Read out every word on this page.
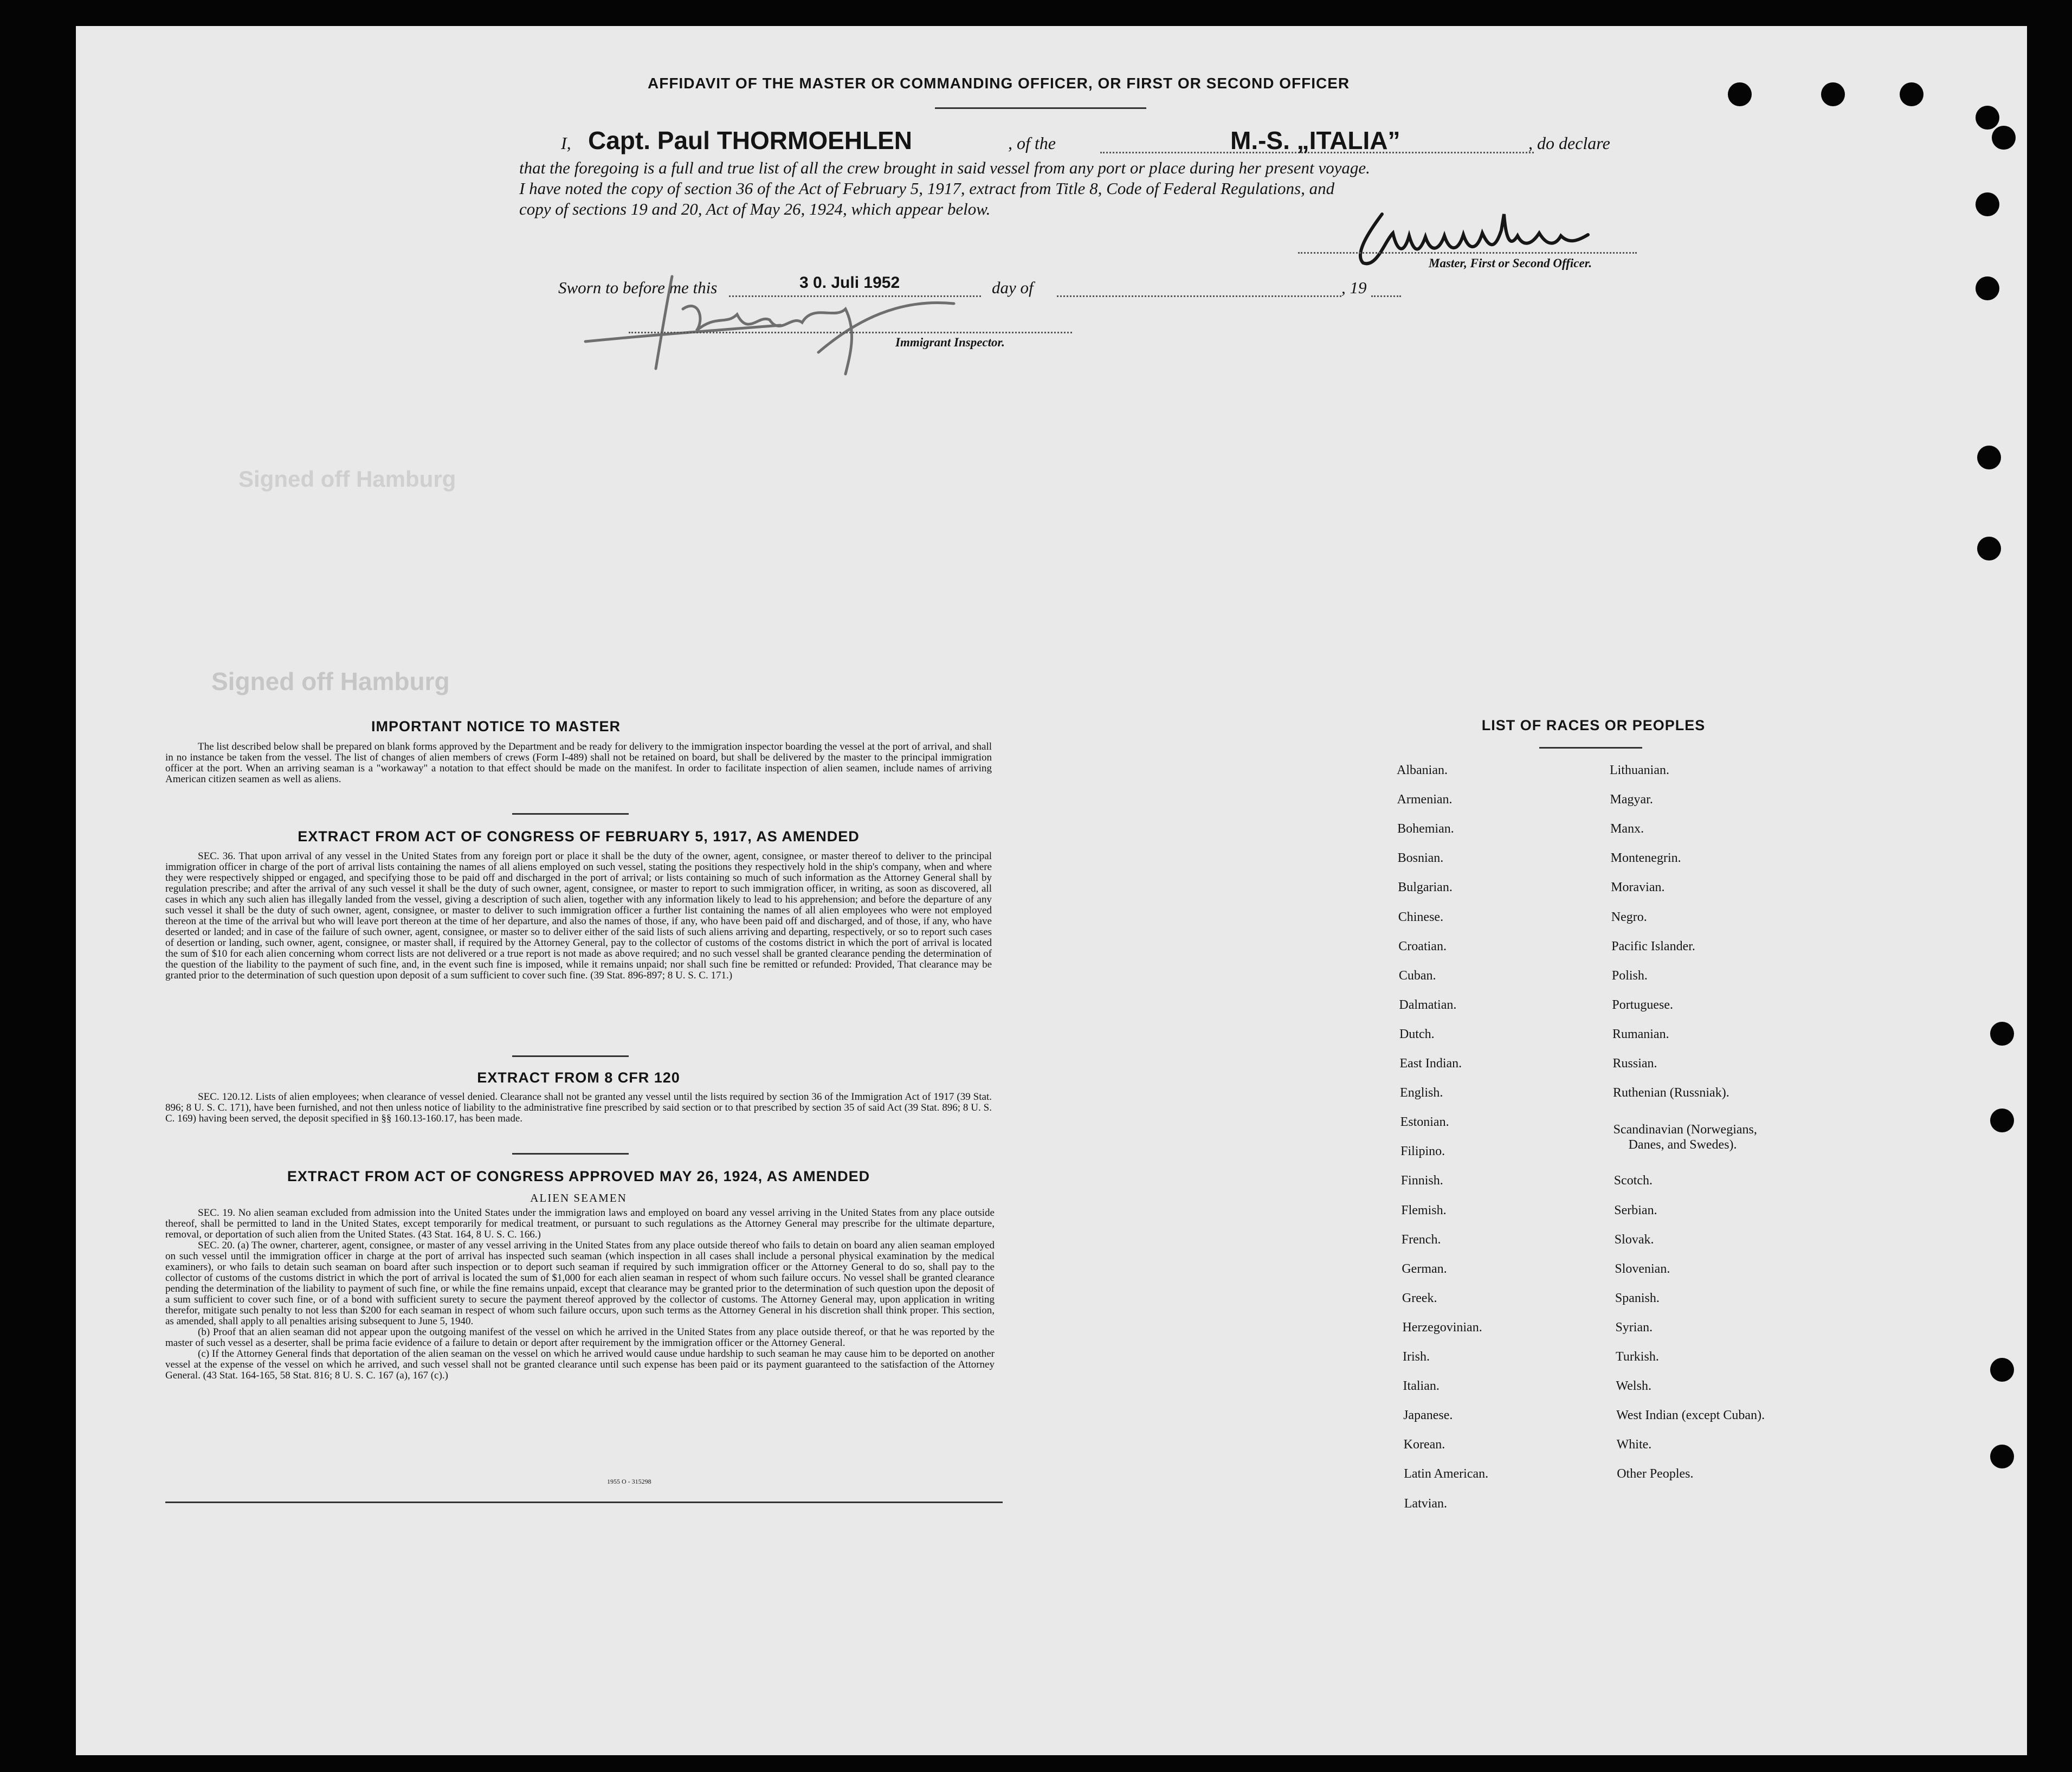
Signed off Hamburg
Signed off Hamburg
AFFIDAVIT OF THE MASTER OR COMMANDING OFFICER, OR FIRST OR SECOND OFFICER
I, Capt. Paul THORMOEHLEN	, of the	M.-S. „ITALIA”	, do declare
that the foregoing is a full and true list of all the crew brought in said vessel from any port or place during her present voyage.
I have noted the copy of section 36 of the Act of February 5, 1917, extract from Title 8, Code of Federal Regulations, and
copy of sections 19 and 20, Act of May 26, 1924, which appear below.
Master, First or Second Officer.
Sworn to before me this	3 0. Juli 1952	day of	, 19
Immigrant Inspector.
IMPORTANT NOTICE TO MASTER
The list described below shall be prepared on blank forms approved by the Department and be ready for delivery to the immigration inspector boarding the vessel at the port of arrival, and shall in no instance be taken from the vessel. The list of changes of alien members of crews (Form I-489) shall not be retained on board, but shall be delivered by the master to the principal immigration officer at the port. When an arriving seaman is a "workaway" a notation to that effect should be made on the manifest. In order to facilitate inspection of alien seamen, include names of arriving American citizen seamen as well as aliens.
EXTRACT FROM ACT OF CONGRESS OF FEBRUARY 5, 1917, AS AMENDED
SEC. 36. That upon arrival of any vessel in the United States from any foreign port or place it shall be the duty of the owner, agent, consignee, or master thereof to deliver to the principal immigration officer in charge of the port of arrival lists containing the names of all aliens employed on such vessel, stating the positions they respectively hold in the ship's company, when and where they were respectively shipped or engaged, and specifying those to be paid off and discharged in the port of arrival; or lists containing so much of such information as the Attorney General shall by regulation prescribe; and after the arrival of any such vessel it shall be the duty of such owner, agent, consignee, or master to report to such immigration officer, in writing, as soon as discovered, all cases in which any such alien has illegally landed from the vessel, giving a description of such alien, together with any information likely to lead to his apprehension; and before the departure of any such vessel it shall be the duty of such owner, agent, consignee, or master to deliver to such immigration officer a further list containing the names of all alien employees who were not employed thereon at the time of the arrival but who will leave port thereon at the time of her departure, and also the names of those, if any, who have been paid off and discharged, and of those, if any, who have deserted or landed; and in case of the failure of such owner, agent, consignee, or master so to deliver either of the said lists of such aliens arriving and departing, respectively, or so to report such cases of desertion or landing, such owner, agent, consignee, or master shall, if required by the Attorney General, pay to the collector of customs of the costoms district in which the port of arrival is located the sum of $10 for each alien concerning whom correct lists are not delivered or a true report is not made as above required; and no such vessel shall be granted clearance pending the determination of the question of the liability to the payment of such fine, and, in the event such fine is imposed, while it remains unpaid; nor shall such fine be remitted or refunded: Provided, That clearance may be granted prior to the determination of such question upon deposit of a sum sufficient to cover such fine. (39 Stat. 896-897; 8 U. S. C. 171.)
EXTRACT FROM 8 CFR 120
SEC. 120.12. Lists of alien employees; when clearance of vessel denied. Clearance shall not be granted any vessel until the lists required by section 36 of the Immigration Act of 1917 (39 Stat. 896; 8 U. S. C. 171), have been furnished, and not then unless notice of liability to the administrative fine prescribed by said section or to that prescribed by section 35 of said Act (39 Stat. 896; 8 U. S. C. 169) having been served, the deposit specified in §§ 160.13-160.17, has been made.
EXTRACT FROM ACT OF CONGRESS APPROVED MAY 26, 1924, AS AMENDED
ALIEN SEAMEN
SEC. 19. No alien seaman excluded from admission into the United States under the immigration laws and employed on board any vessel arriving in the United States from any place outside thereof, shall be permitted to land in the United States, except temporarily for medical treatment, or pursuant to such regulations as the Attorney General may prescribe for the ultimate departure, removal, or deportation of such alien from the United States. (43 Stat. 164, 8 U. S. C. 166.)
SEC. 20. (a) The owner, charterer, agent, consignee, or master of any vessel arriving in the United States from any place outside thereof who fails to detain on board any alien seaman employed on such vessel until the immigration officer in charge at the port of arrival has inspected such seaman (which inspection in all cases shall include a personal physical examination by the medical examiners), or who fails to detain such seaman on board after such inspection or to deport such seaman if required by such immigration officer or the Attorney General to do so, shall pay to the collector of customs of the customs district in which the port of arrival is located the sum of $1,000 for each alien seaman in respect of whom such failure occurs. No vessel shall be granted clearance pending the determination of the liability to payment of such fine, or while the fine remains unpaid, except that clearance may be granted prior to the determination of such question upon the deposit of a sum sufficient to cover such fine, or of a bond with sufficient surety to secure the payment thereof approved by the collector of customs. The Attorney General may, upon application in writing therefor, mitigate such penalty to not less than $200 for each seaman in respect of whom such failure occurs, upon such terms as the Attorney General in his discretion shall think proper. This section, as amended, shall apply to all penalties arising subsequent to June 5, 1940.
(b) Proof that an alien seaman did not appear upon the outgoing manifest of the vessel on which he arrived in the United States from any place outside thereof, or that he was reported by the master of such vessel as a deserter, shall be prima facie evidence of a failure to detain or deport after requirement by the immigration officer or the Attorney General.
(c) If the Attorney General finds that deportation of the alien seaman on the vessel on which he arrived would cause undue hardship to such seaman he may cause him to be deported on another vessel at the expense of the vessel on which he arrived, and such vessel shall not be granted clearance until such expense has been paid or its payment guaranteed to the satisfaction of the Attorney General. (43 Stat. 164-165, 58 Stat. 816; 8 U. S. C. 167 (a), 167 (c).)
1955 O - 315298
LIST OF RACES OR PEOPLES
Albanian.
Armenian.
Bohemian.
Bosnian.
Bulgarian.
Chinese.
Croatian.
Cuban.
Dalmatian.
Dutch.
East Indian.
English.
Estonian.
Filipino.
Finnish.
Flemish.
French.
German.
Greek.
Herzegovinian.
Irish.
Italian.
Japanese.
Korean.
Latin American.
Latvian.
Lithuanian.
Magyar.
Manx.
Montenegrin.
Moravian.
Negro.
Pacific Islander.
Polish.
Portuguese.
Rumanian.
Russian.
Ruthenian (Russniak).
Scandinavian (Norwegians,
Danes, and Swedes).
Scotch.
Serbian.
Slovak.
Slovenian.
Spanish.
Syrian.
Turkish.
Welsh.
West Indian (except Cuban).
White.
Other Peoples.
